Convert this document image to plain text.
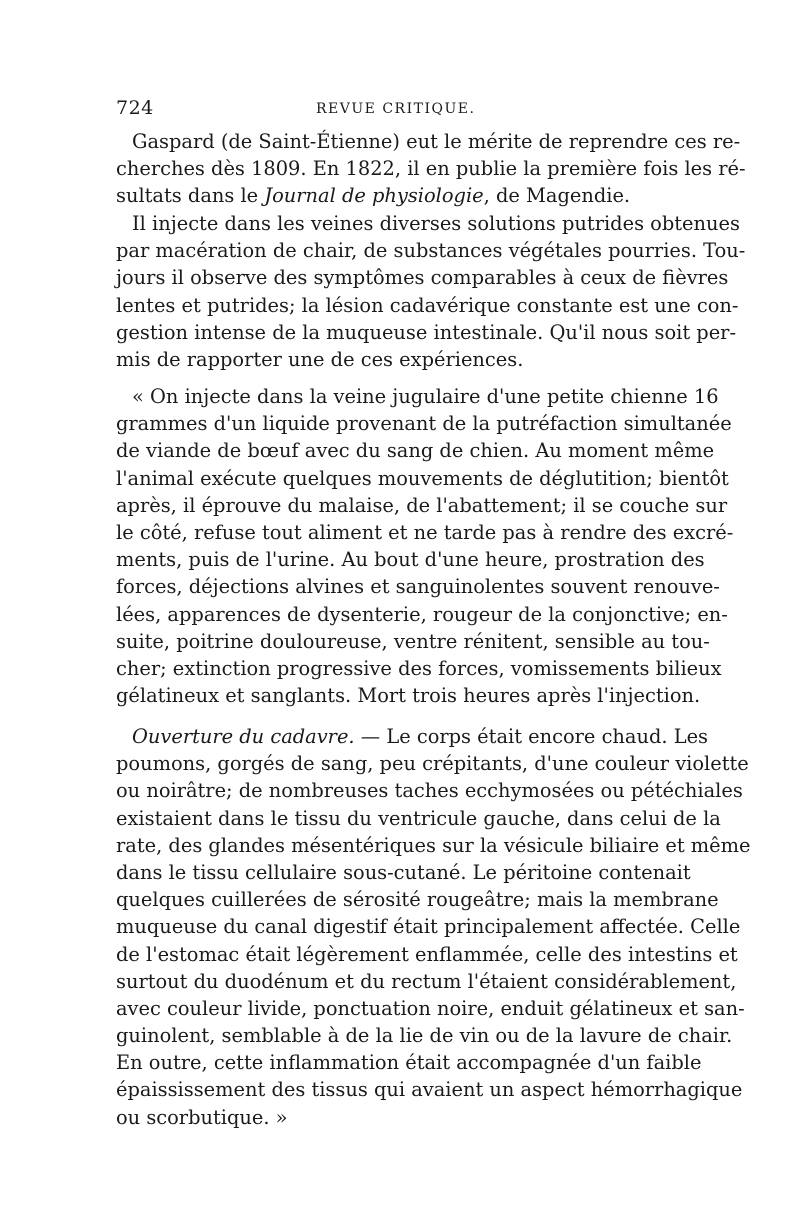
724	REVUE CRITIQUE.
Gaspard (de Saint-Étienne) eut le mérite de reprendre ces re-
cherches dès 1809. En 1822, il en publie la première fois les ré-
sultats dans le Journal de physiologie, de Magendie.
Il injecte dans les veines diverses solutions putrides obtenues
par macération de chair, de substances végétales pourries. Tou-
jours il observe des symptômes comparables à ceux de fièvres
lentes et putrides; la lésion cadavérique constante est une con-
gestion intense de la muqueuse intestinale. Qu'il nous soit per-
mis de rapporter une de ces expériences.
« On injecte dans la veine jugulaire d'une petite chienne 16
grammes d'un liquide provenant de la putréfaction simultanée
de viande de bœuf avec du sang de chien. Au moment même
l'animal exécute quelques mouvements de déglutition; bientôt
après, il éprouve du malaise, de l'abattement; il se couche sur
le côté, refuse tout aliment et ne tarde pas à rendre des excré-
ments, puis de l'urine. Au bout d'une heure, prostration des
forces, déjections alvines et sanguinolentes souvent renouve-
lées, apparences de dysenterie, rougeur de la conjonctive; en-
suite, poitrine douloureuse, ventre rénitent, sensible au tou-
cher; extinction progressive des forces, vomissements bilieux
gélatineux et sanglants. Mort trois heures après l'injection.
Ouverture du cadavre. — Le corps était encore chaud. Les
poumons, gorgés de sang, peu crépitants, d'une couleur violette
ou noirâtre; de nombreuses taches ecchymosées ou pétéchiales
existaient dans le tissu du ventricule gauche, dans celui de la
rate, des glandes mésentériques sur la vésicule biliaire et même
dans le tissu cellulaire sous-cutané. Le péritoine contenait
quelques cuillerées de sérosité rougeâtre; mais la membrane
muqueuse du canal digestif était principalement affectée. Celle
de l'estomac était légèrement enflammée, celle des intestins et
surtout du duodénum et du rectum l'étaient considérablement,
avec couleur livide, ponctuation noire, enduit gélatineux et san-
guinolent, semblable à de la lie de vin ou de la lavure de chair.
En outre, cette inflammation était accompagnée d'un faible
épaississement des tissus qui avaient un aspect hémorrhagique
ou scorbutique. »
